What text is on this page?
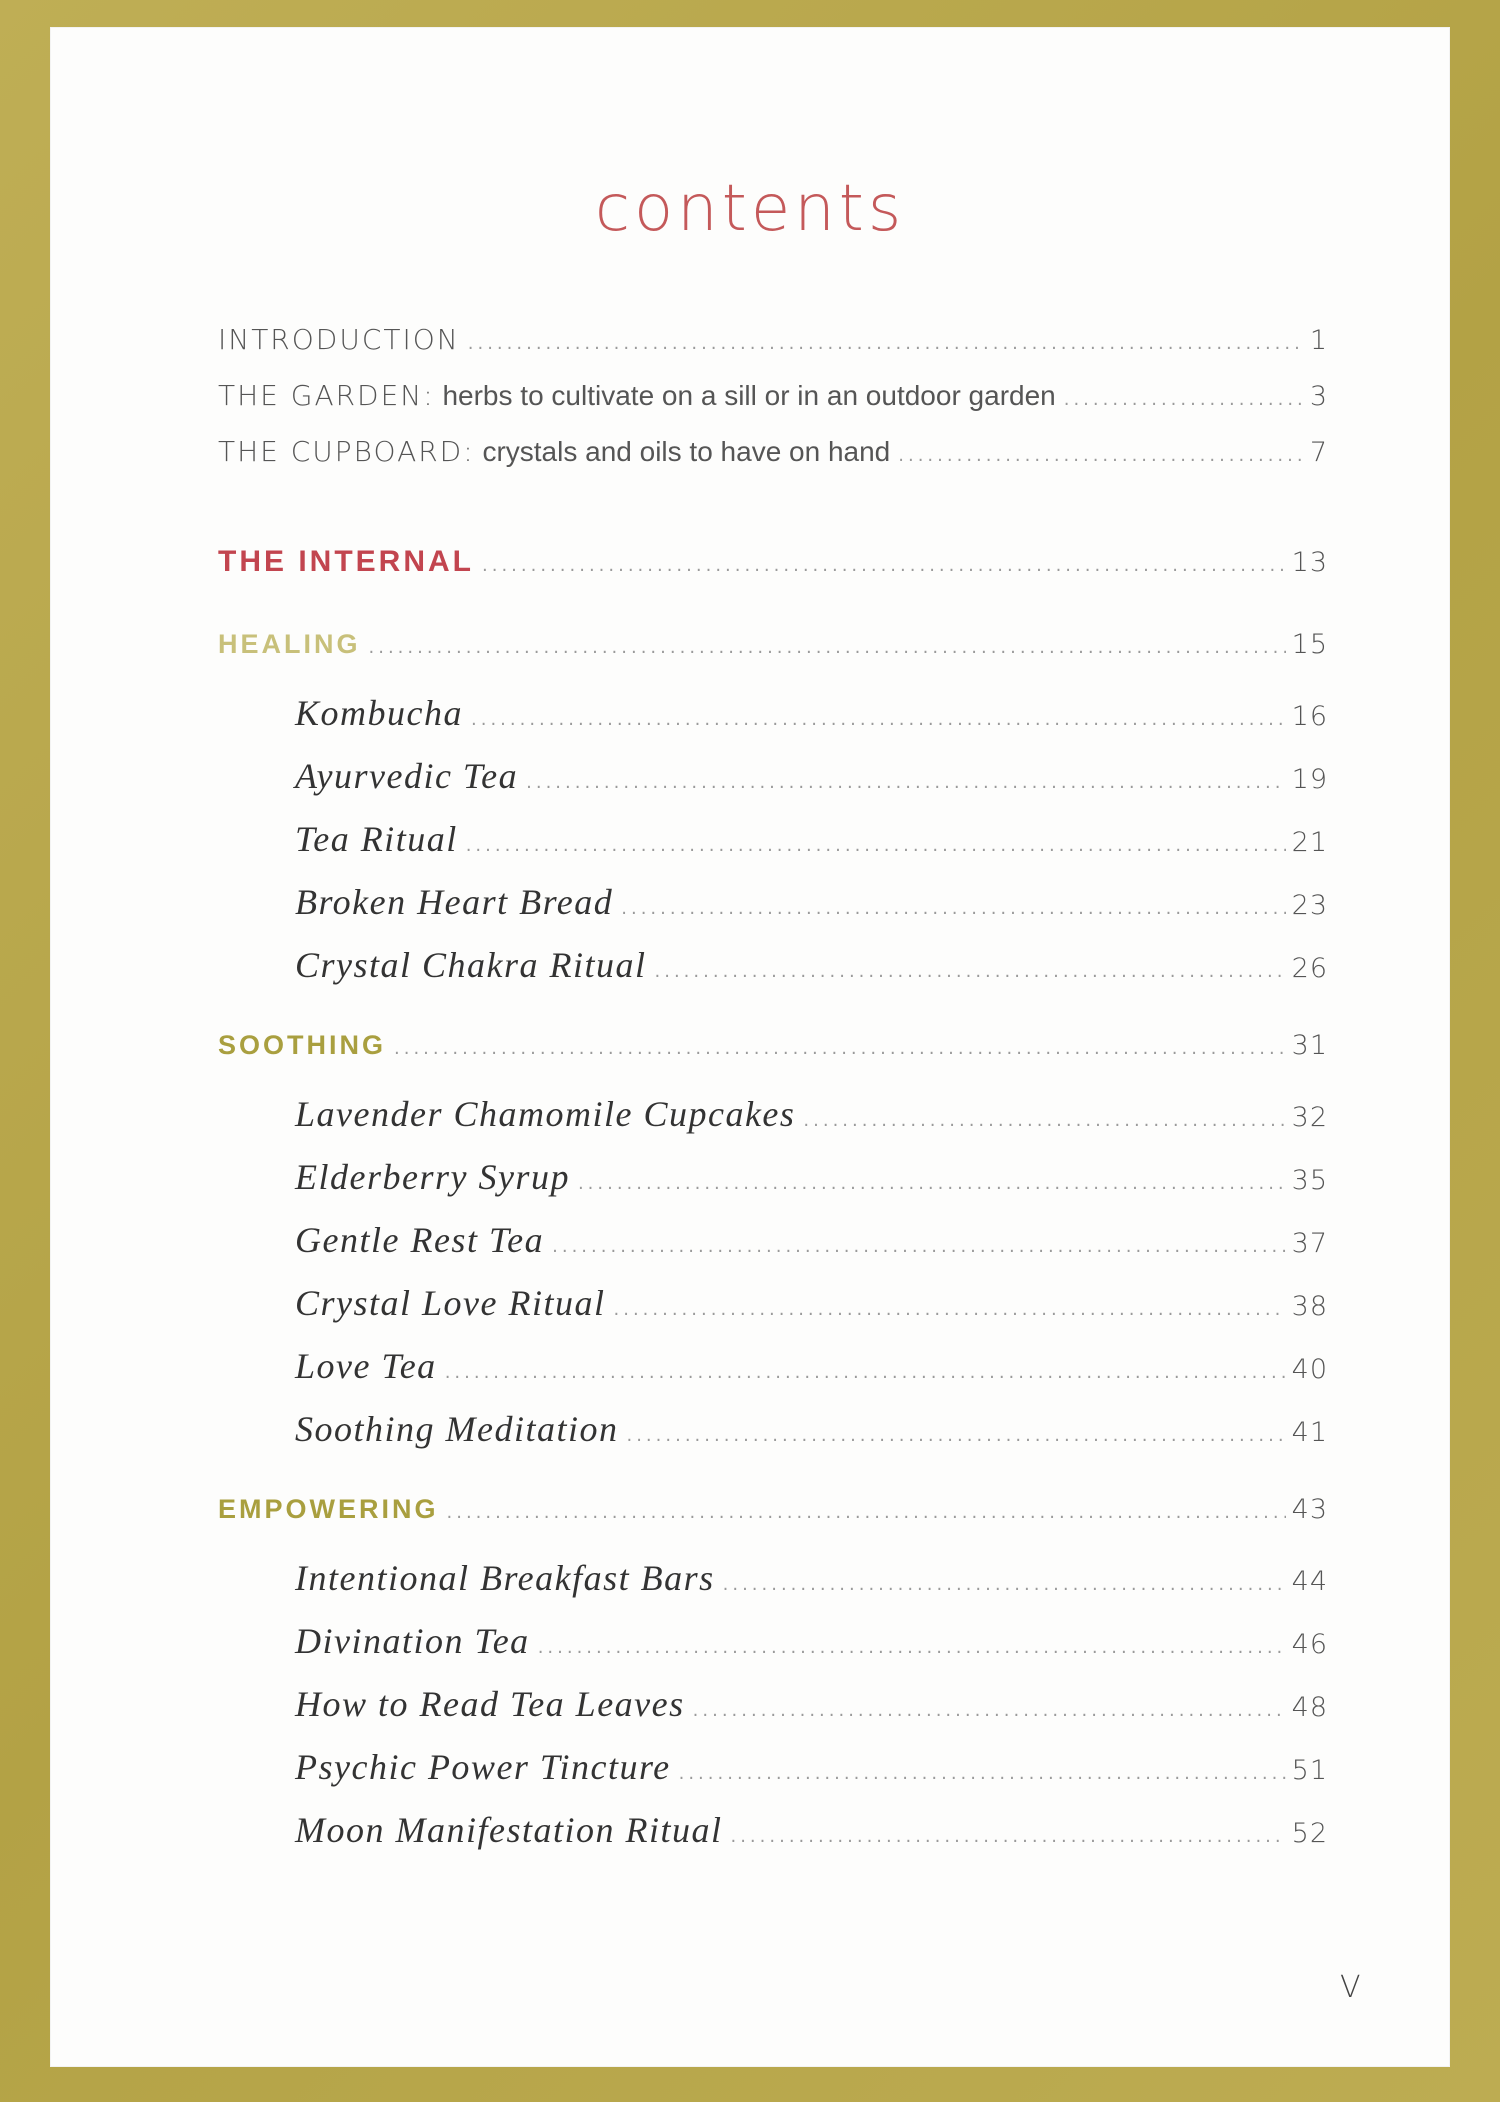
contents
INTRODUCTION .....	1
THE GARDEN: herbs to cultivate on a sill or in an outdoor garden .....	3
THE CUPBOARD: crystals and oils to have on hand .....	7
THE INTERNAL .....	13
HEALING .....	15
Kombucha .....	16
Ayurvedic Tea .....	19
Tea Ritual .....	21
Broken Heart Bread .....	23
Crystal Chakra Ritual .....	26
SOOTHING .....	31
Lavender Chamomile Cupcakes .....	32
Elderberry Syrup .....	35
Gentle Rest Tea .....	37
Crystal Love Ritual .....	38
Love Tea .....	40
Soothing Meditation .....	41
EMPOWERING .....	43
Intentional Breakfast Bars .....	44
Divination Tea .....	46
How to Read Tea Leaves .....	48
Psychic Power Tincture .....	51
Moon Manifestation Ritual .....	52
V
